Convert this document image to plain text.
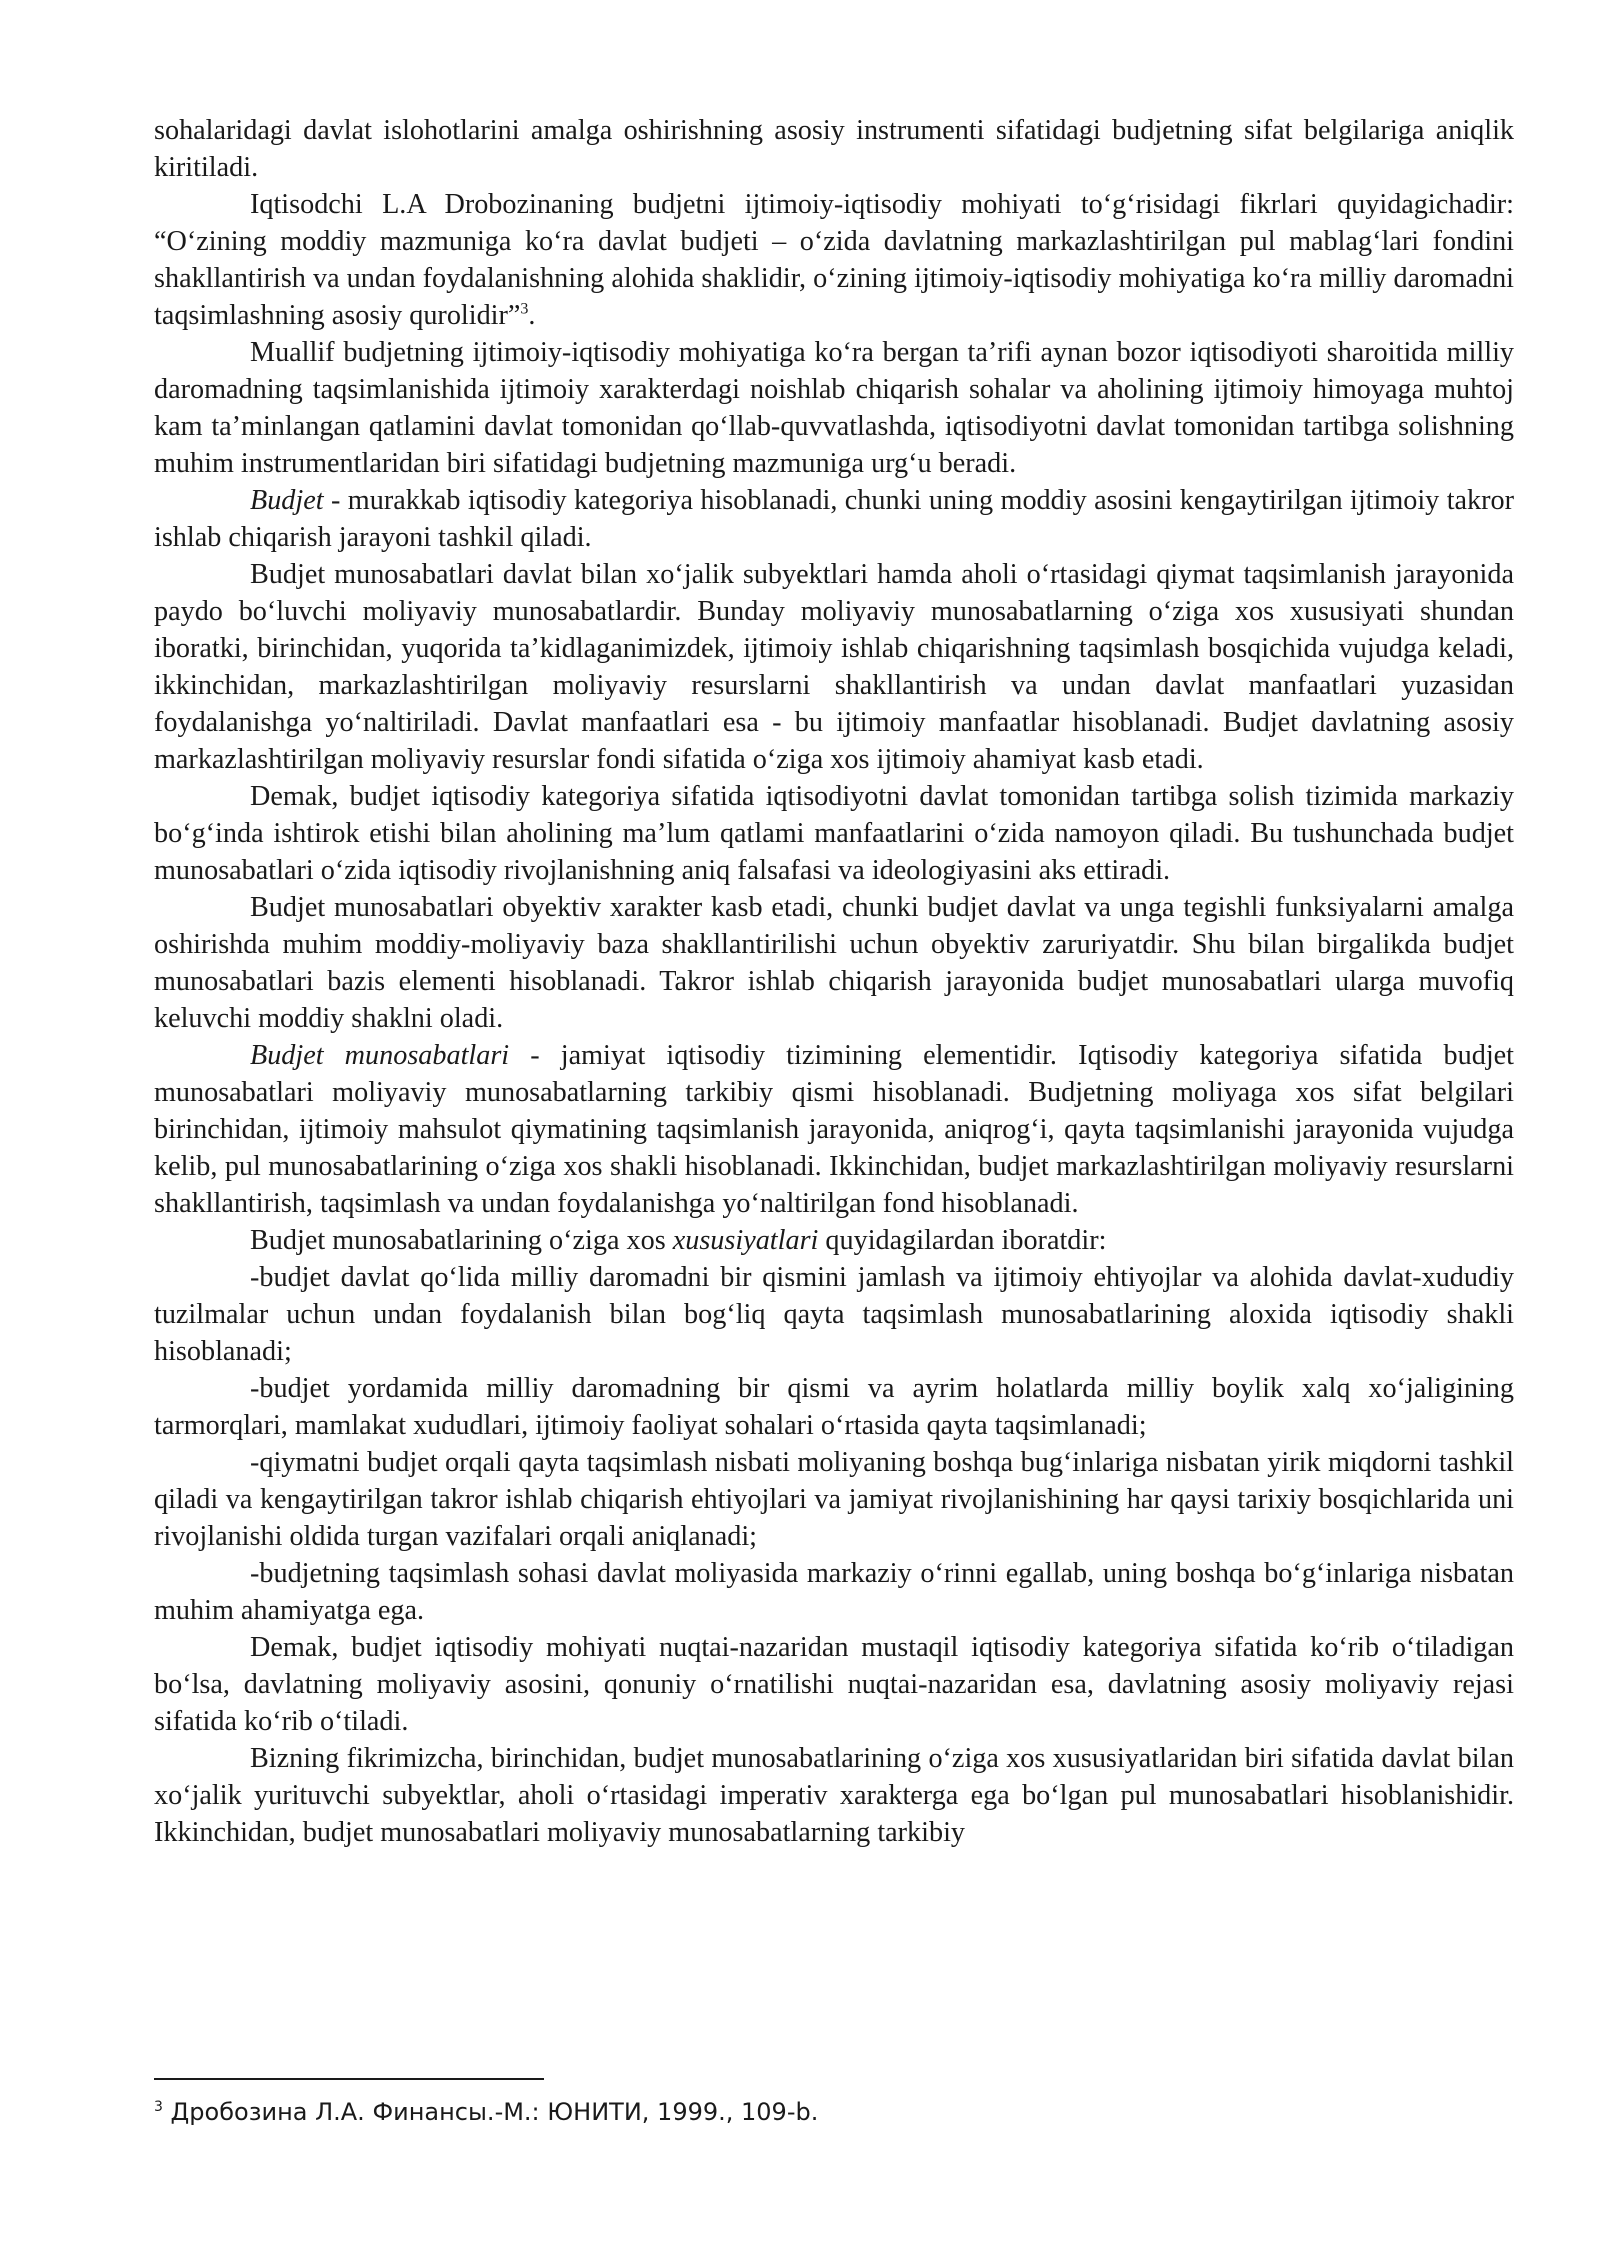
sohalaridagi davlat islohotlarini amalga oshirishning asosiy instrumenti sifatidagi budjetning sifat belgilariga aniqlik kiritiladi.

Iqtisodchi L.A Drobozinaning budjetni ijtimoiy-iqtisodiy mohiyati to‘g‘risidagi fikrlari quyidagichadir: “O‘zining moddiy mazmuniga ko‘ra davlat budjeti – o‘zida davlatning markazlashtirilgan pul mablag‘lari fondini shakllantirish va undan foydalanishning alohida shaklidir, o‘zining ijtimoiy-iqtisodiy mohiyatiga ko‘ra milliy daromadni taqsimlashning asosiy qurolidir”$^3$.

Muallif budjetning ijtimoiy-iqtisodiy mohiyatiga ko‘ra bergan ta’rifi aynan bozor iqtisodiyoti sharoitida milliy daromadning taqsimlanishida ijtimoiy xarakterdagi noishlab chiqarish sohalar va aholining ijtimoiy himoyaga muhtoj kam ta’minlangan qatlamini davlat tomonidan qo‘llab-quvvatlashda, iqtisodiyotni davlat tomonidan tartibga solishning muhim instrumentlaridan biri sifatidagi budjetning mazmuniga urg‘u beradi.

Budjet - murakkab iqtisodiy kategoriya hisoblanadi, chunki uning moddiy asosini kengaytirilgan ijtimoiy takror ishlab chiqarish jarayoni tashkil qiladi.

Budjet munosabatlari davlat bilan xo‘jalik subyektlari hamda aholi o‘rtasidagi qiymat taqsimlanish jarayonida paydo bo‘luvchi moliyaviy munosabatlardir. Bunday moliyaviy munosabatlarning o‘ziga xos xususiyati shundan iboratki, birinchidan, yuqorida ta’kidlaganimizdek, ijtimoiy ishlab chiqarishning taqsimlash bosqichida vujudga keladi, ikkinchidan, markazlashtirilgan moliyaviy resurslarni shakllantirish va undan davlat manfaatlari yuzasidan foydalanishga yo‘naltiriladi. Davlat manfaatlari esa - bu ijtimoiy manfaatlar hisoblanadi. Budjet davlatning asosiy markazlashtirilgan moliyaviy resurslar fondi sifatida o‘ziga xos ijtimoiy ahamiyat kasb etadi.

Demak, budjet iqtisodiy kategoriya sifatida iqtisodiyotni davlat tomonidan tartibga solish tizimida markaziy bo‘g‘inda ishtirok etishi bilan aholining ma’lum qatlami manfaatlarini o‘zida namoyon qiladi. Bu tushunchada budjet munosabatlari o‘zida iqtisodiy rivojlanishning aniq falsafasi va ideologiyasini aks ettiradi.

Budjet munosabatlari obyektiv xarakter kasb etadi, chunki budjet davlat va unga tegishli funksiyalarni amalga oshirishda muhim moddiy-moliyaviy baza shakllantirilishi uchun obyektiv zaruriyatdir. Shu bilan birgalikda budjet munosabatlari bazis elementi hisoblanadi. Takror ishlab chiqarish jarayonida budjet munosabatlari ularga muvofiq keluvchi moddiy shaklni oladi.

Budjet munosabatlari - jamiyat iqtisodiy tizimining elementidir. Iqtisodiy kategoriya sifatida budjet munosabatlari moliyaviy munosabatlarning tarkibiy qismi hisoblanadi. Budjetning moliyaga xos sifat belgilari birinchidan, ijtimoiy mahsulot qiymatining taqsimlanish jarayonida, aniqrog‘i, qayta taqsimlanishi jarayonida vujudga kelib, pul munosabatlarining o‘ziga xos shakli hisoblanadi. Ikkinchidan, budjet markazlashtirilgan moliyaviy resurslarni shakllantirish, taqsimlash va undan foydalanishga yo‘naltirilgan fond hisoblanadi.

Budjet munosabatlarining o‘ziga xos xususiyatlari quyidagilardan iboratdir:

-budjet davlat qo‘lida milliy daromadni bir qismini jamlash va ijtimoiy ehtiyojlar va alohida davlat-xududiy tuzilmalar uchun undan foydalanish bilan bog‘liq qayta taqsimlash munosabatlarining aloxida iqtisodiy shakli hisoblanadi;

-budjet yordamida milliy daromadning bir qismi va ayrim holatlarda milliy boylik xalq xo‘jaligining tarmorqlari, mamlakat xududlari, ijtimoiy faoliyat sohalari o‘rtasida qayta taqsimlanadi;

-qiymatni budjet orqali qayta taqsimlash nisbati moliyaning boshqa bug‘inlariga nisbatan yirik miqdorni tashkil qiladi va kengaytirilgan takror ishlab chiqarish ehtiyojlari va jamiyat rivojlanishining har qaysi tarixiy bosqichlarida uni rivojlanishi oldida turgan vazifalari orqali aniqlanadi;

-budjetning taqsimlash sohasi davlat moliyasida markaziy o‘rinni egallab, uning boshqa bo‘g‘inlariga nisbatan muhim ahamiyatga ega.

Demak, budjet iqtisodiy mohiyati nuqtai-nazaridan mustaqil iqtisodiy kategoriya sifatida ko‘rib o‘tiladigan bo‘lsa, davlatning moliyaviy asosini, qonuniy o‘rnatilishi nuqtai-nazaridan esa, davlatning asosiy moliyaviy rejasi sifatida ko‘rib o‘tiladi.

Bizning fikrimizcha, birinchidan, budjet munosabatlarining o‘ziga xos xususiyatlaridan biri sifatida davlat bilan xo‘jalik yurituvchi subyektlar, aholi o‘rtasidagi imperativ xarakterga ega bo‘lgan pul munosabatlari hisoblanishidir. Ikkinchidan, budjet munosabatlari moliyaviy munosabatlarning tarkibiy

$^3$ Дробозина Л.А. Финансы.-М.: ЮНИТИ, 1999., 109-b.
